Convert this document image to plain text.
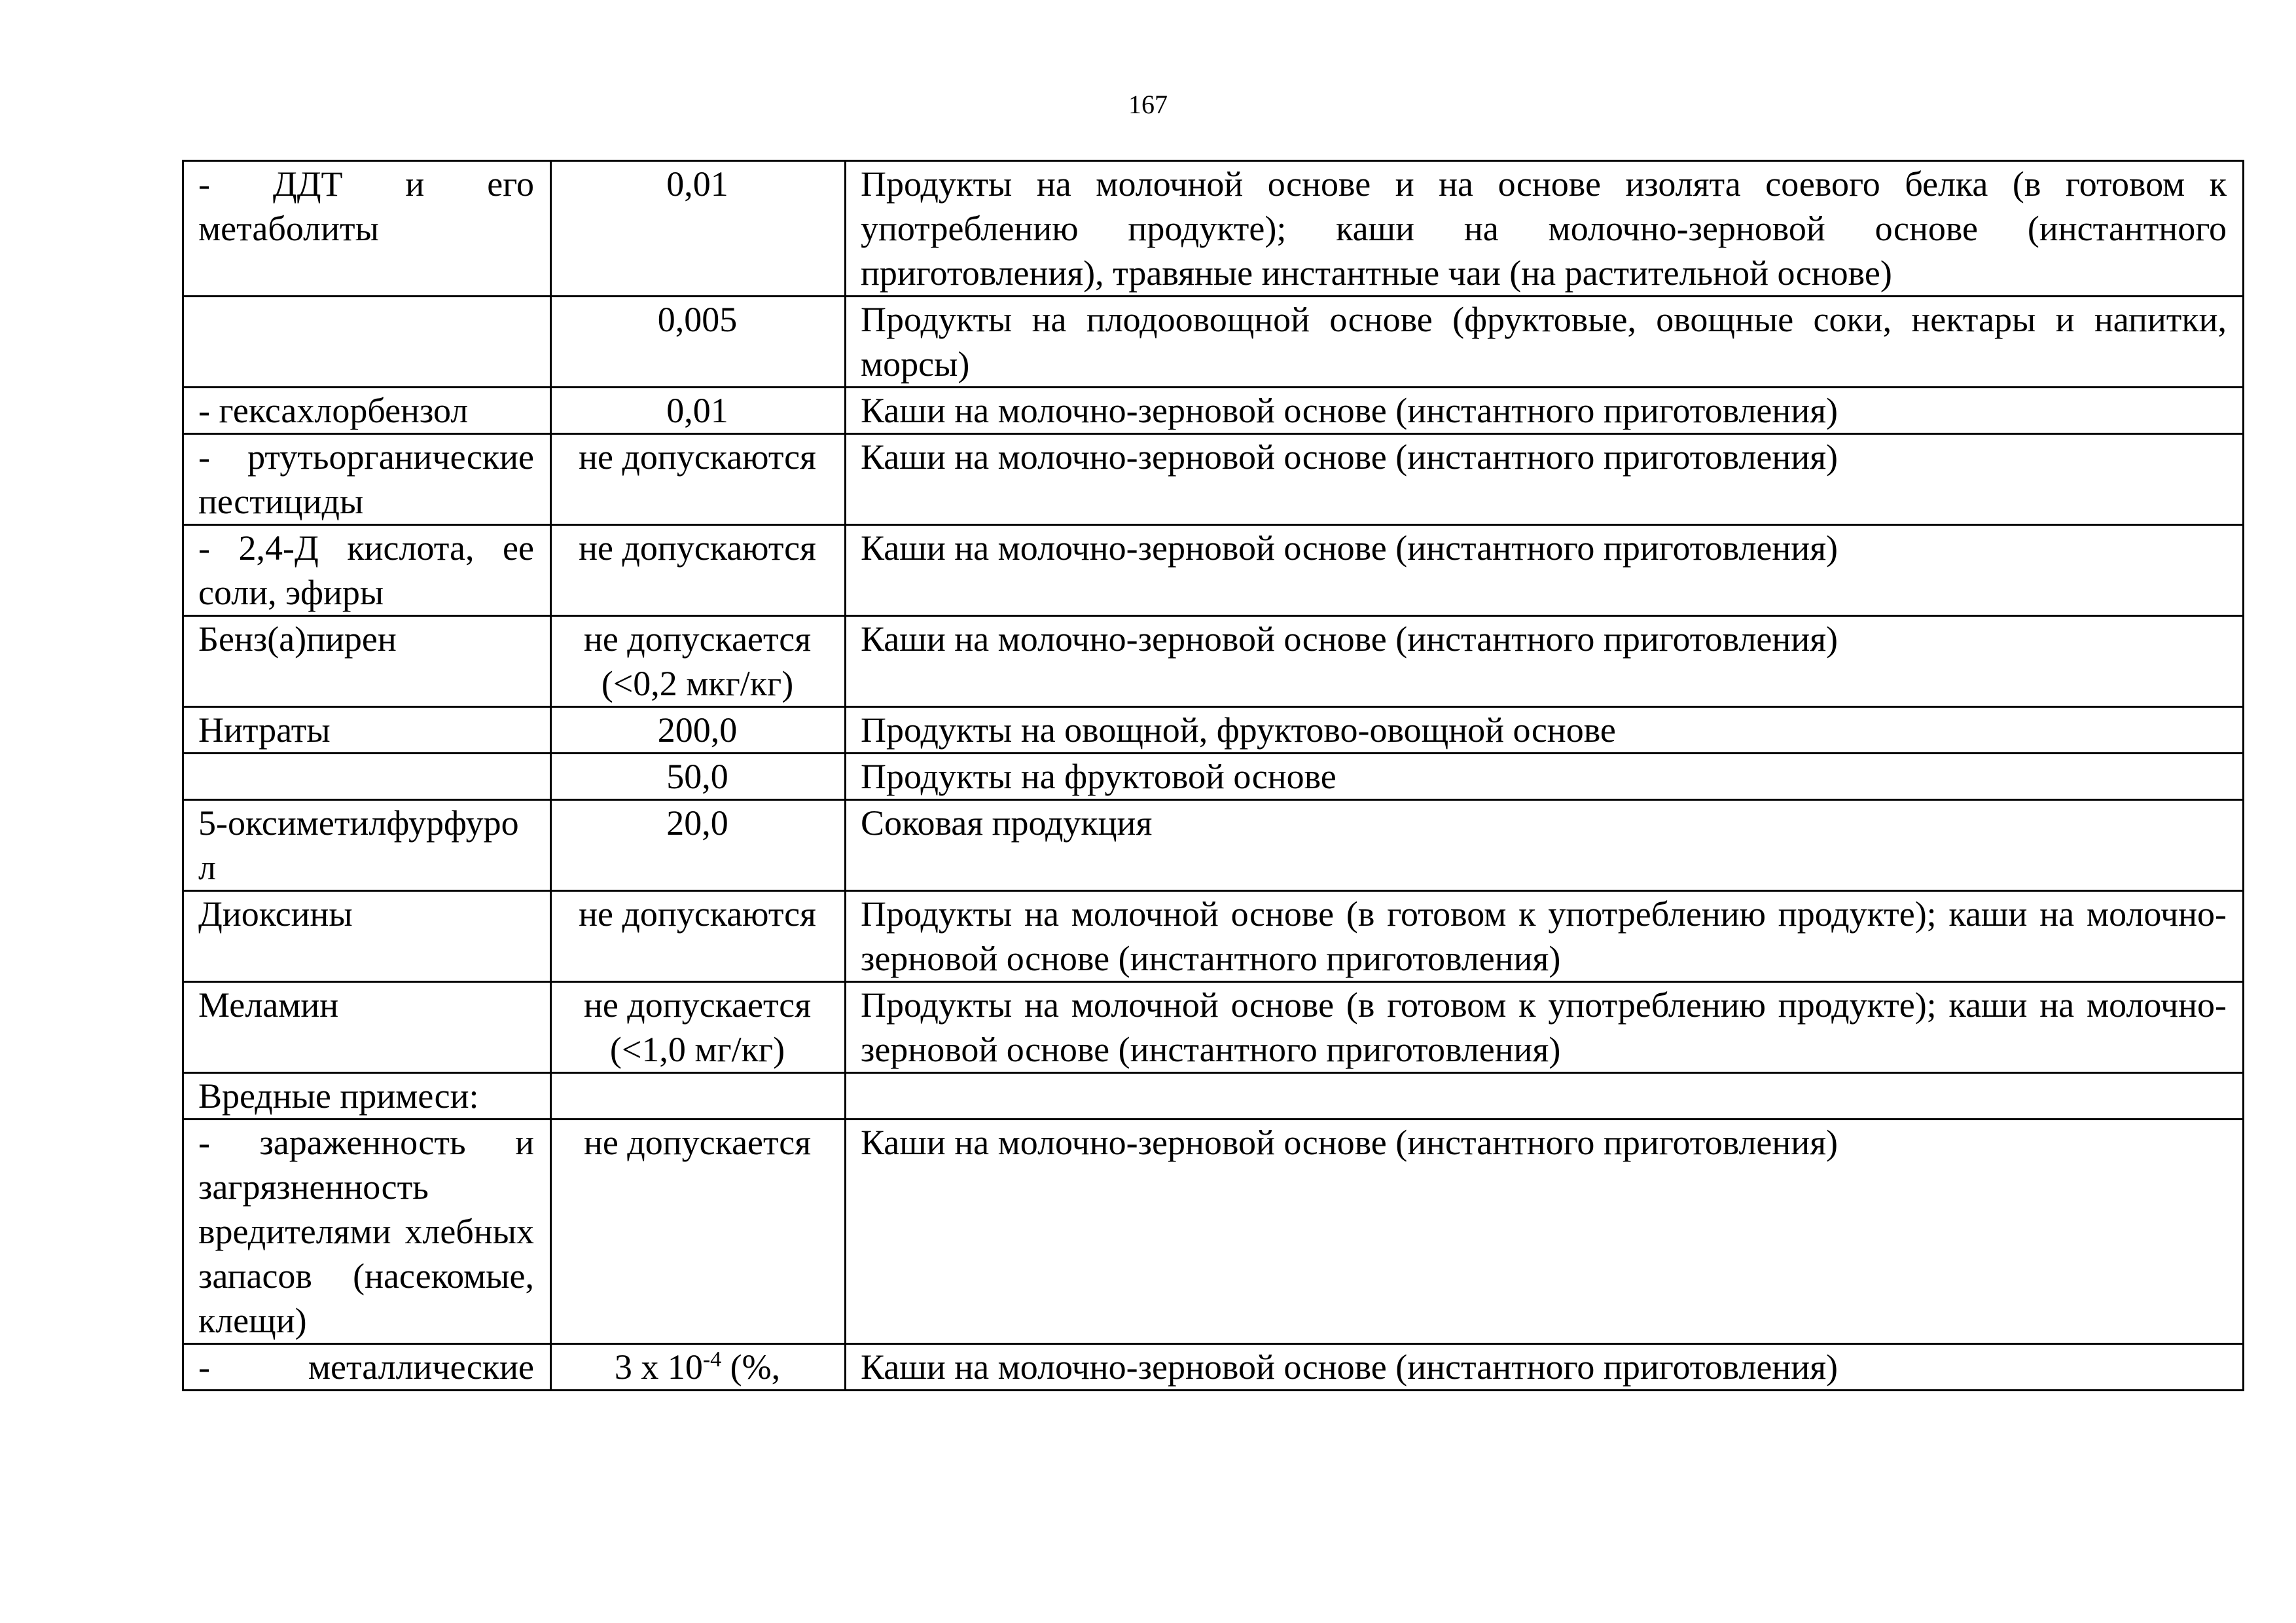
167
- ДДТ и его метаболиты	0,01	Продукты на молочной основе и на основе изолята соевого белка (в готовом к употреблению продукте); каши на молочно-зерновой основе (инстантного приготовления), травяные инстантные чаи (на растительной основе)
	0,005	Продукты на плодоовощной основе (фруктовые, овощные соки, нектары и напитки, морсы)
- гексахлорбензол	0,01	Каши на молочно-зерновой основе (инстантного приготовления)
- ртутьорганические пестициды	не допускаются	Каши на молочно-зерновой основе (инстантного приготовления)
- 2,4-Д кислота, ее соли, эфиры	не допускаются	Каши на молочно-зерновой основе (инстантного приготовления)
Бенз(а)пирен	не допускается (<0,2 мкг/кг)	Каши на молочно-зерновой основе (инстантного приготовления)
Нитраты	200,0	Продукты на овощной, фруктово-овощной основе
	50,0	Продукты на фруктовой основе
5-оксиметилфурфурол	20,0	Соковая продукция
Диоксины	не допускаются	Продукты на молочной основе (в готовом к употреблению продукте); каши на молочно-зерновой основе (инстантного приготовления)
Меламин	не допускается (<1,0 мг/кг)	Продукты на молочной основе (в готовом к употреблению продукте); каши на молочно-зерновой основе (инстантного приготовления)
Вредные примеси:		
- зараженность и загрязненность вредителями хлебных запасов (насекомые, клещи)	не допускается	Каши на молочно-зерновой основе (инстантного приготовления)
- металлические	3 х $10^{-4}$ (%,	Каши на молочно-зерновой основе (инстантного приготовления)
